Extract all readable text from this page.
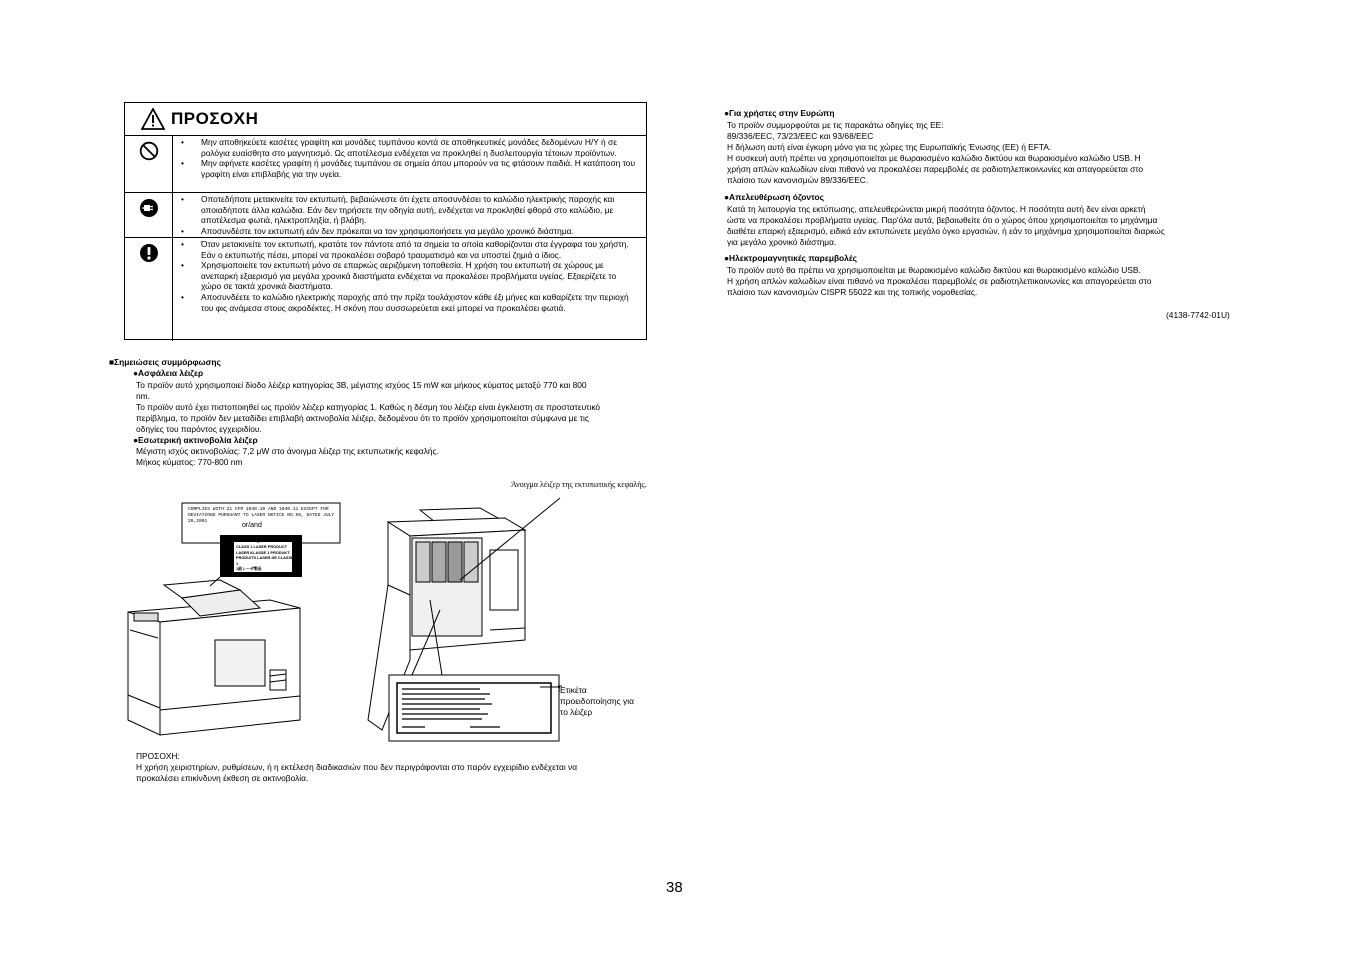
ΠΡΟΣΟΧΗ
• Μην αποθηκεύετε κασέτες γραφίτη και μονάδες τυμπάνου κοντά σε αποθηκευτικές μονάδες δεδομένων Η/Υ ή σε ρολόγια ευαίσθητα στο μαγνητισμό. Ως αποτέλεσμα ενδέχεται να προκληθεί η δυσλειτουργία τέτοιων προϊόντων.
• Μην αφήνετε κασέτες γραφίτη ή μονάδες τυμπάνου σε σημεία όπου μπορούν να τις φτάσουν παιδιά. Η κατάποση του γραφίτη είναι επιβλαβής για την υγεία.
• Οποτεδήποτε μετακινείτε τον εκτυπωτή, βεβαιώνεστε ότι έχετε αποσυνδέσει το καλώδιο ηλεκτρικής παροχής και οποιαδήποτε άλλα καλώδια. Εάν δεν τηρήσετε την οδηγία αυτή, ενδέχεται να προκληθεί φθορά στο καλώδιο, με αποτέλεσμα φωτιά, ηλεκτροπληξία, ή βλάβη.
• Αποσυνδέστε τον εκτυπωτή εάν δεν πρόκειται να τον χρησιμοποιήσετε για μεγάλο χρονικό διάστημα.
• Όταν μετακινείτε τον εκτυπωτή, κρατάτε τον πάντοτε από τα σημεία τα οποία καθορίζονται στα έγγραφα του χρήστη. Εάν ο εκτυπωτής πέσει, μπορεί να προκαλέσει σοβαρό τραυματισμό και να υποστεί ζημιά ο ίδιος.
• Χρησιμοποιείτε τον εκτυπωτή μόνο σε επαρκώς αεριζόμενη τοποθεσία. Η χρήση του εκτυπωτή σε χώρους με ανεπαρκή εξαερισμό για μεγάλα χρονικά διαστήματα ενδέχεται να προκαλέσει προβλήματα υγείας. Εξαερίζετε το χώρο σε τακτά χρονικά διαστήματα.
• Αποσυνδέετε το καλώδιο ηλεκτρικής παροχής από την πρίζα τουλάχιστον κάθε έξι μήνες και καθαρίζετε την περιοχή του φις ανάμεσα στους ακροδέκτες. Η σκόνη που συσσωρεύεται εκεί μπορεί να προκαλέσει φωτιά.
■Σημειώσεις συμμόρφωσης
●Ασφάλεια λέιζερ
Το προϊόν αυτό χρησιμοποιεί δίοδο λέιζερ κατηγορίας 3B, μέγιστης ισχύος 15 mW και μήκους κύματος μεταξύ 770 και 800
nm.
Το προϊόν αυτό έχει πιστοποιηθεί ως προϊόν λέιζερ κατηγορίας 1. Καθώς η δέσμη του λέιζερ είναι έγκλειστη σε προστατευτικό
περίβλημα, το προϊόν δεν μεταδίδει επιβλαβή ακτινοβολία λέιζερ, δεδομένου ότι το προϊόν χρησιμοποιείται σύμφωνα με τις
οδηγίες του παρόντος εγχειριδίου.
●Εσωτερική ακτινοβολία λέιζερ
Μέγιστη ισχύς ακτινοβολίας: 7,2 μW στο άνοιγμα λέιζερ της εκτυπωτικής κεφαλής.
Μήκος κύματος: 770-800 nm
Άνοιγμα λέιζερ της εκτυπωτικής κεφαλής.
COMPLIES WITH 21 CFR 1040.10 AND 1040.11 EXCEPT FOR DEVIATIONS PURSUANT TO LASER NOTICE NO.50, DATED JULY 26,2001
or/and
CLASS 1 LASER PRODUCT
LASER KLASSE 1 PRODUKT
PRODUITS LASER DE CLASSE 1
1級レーザ製品
등급1레이저제품
Ετικέτα
προειδοποίησης για
το λέιζερ
ΠΡΟΣΟΧΗ:
Η χρήση χειριστηρίων, ρυθμίσεων, ή η εκτέλεση διαδικασιών που δεν περιγράφονται στο παρόν εγχειρίδιο ενδέχεται να
προκαλέσει επικίνδυνη έκθεση σε ακτινοβολία.
38
●Για χρήστες στην Ευρώπη
Το προϊόν συμμορφούται με τις παρακάτω οδηγίες της ΕΕ:
89/336/EEC, 73/23/EEC και 93/68/EEC
Η δήλωση αυτή είναι έγκυρη μόνο για τις χώρες της Ευρωπαϊκής Ένωσης (ΕΕ) ή EFTA.
Η συσκευή αυτή πρέπει να χρησιμοποιείται με θωρακισμένο καλώδιο δικτύου και θωρακισμένο καλώδιο USB. Η
χρήση απλών καλωδίων είναι πιθανό να προκαλέσει παρεμβολές σε ραδιοτηλεπικοινωνίες και απαγορεύεται στο
πλαίσιο των κανονισμών 89/336/EEC.
●Απελευθέρωση όζοντος
Κατά τη λειτουργία της εκτύπωσης, απελευθερώνεται μικρή ποσότητα όζοντος. Η ποσότητα αυτή δεν είναι αρκετή
ώστε να προκαλέσει προβλήματα υγείας. Παρ'όλα αυτά, βεβαιωθείτε ότι ο χώρος όπου χρησιμοποιείται το μηχάνημα
διαθέτει επαρκή εξαερισμό, ειδικά εάν εκτυπώνετε μεγάλο όγκο εργασιών, ή εάν το μηχάνημα χρησιμοποιείται διαρκώς
για μεγάλο χρονικό διάστημα.
●Ηλεκτρομαγνητικές παρεμβολές
Το προϊόν αυτό θα πρέπει να χρησιμοποιείται με θωρακισμένο καλώδιο δικτύου και θωρακισμένο καλώδιο USB.
Η χρήση απλών καλωδίων είναι πιθανό να προκαλέσει παρεμβολές σε ραδιοτηλεπικοινωνίες και απαγορεύεται στο
πλαίσιο των κανονισμών CISPR 55022 και της τοπικής νομοθεσίας.
(4138-7742-01U)
